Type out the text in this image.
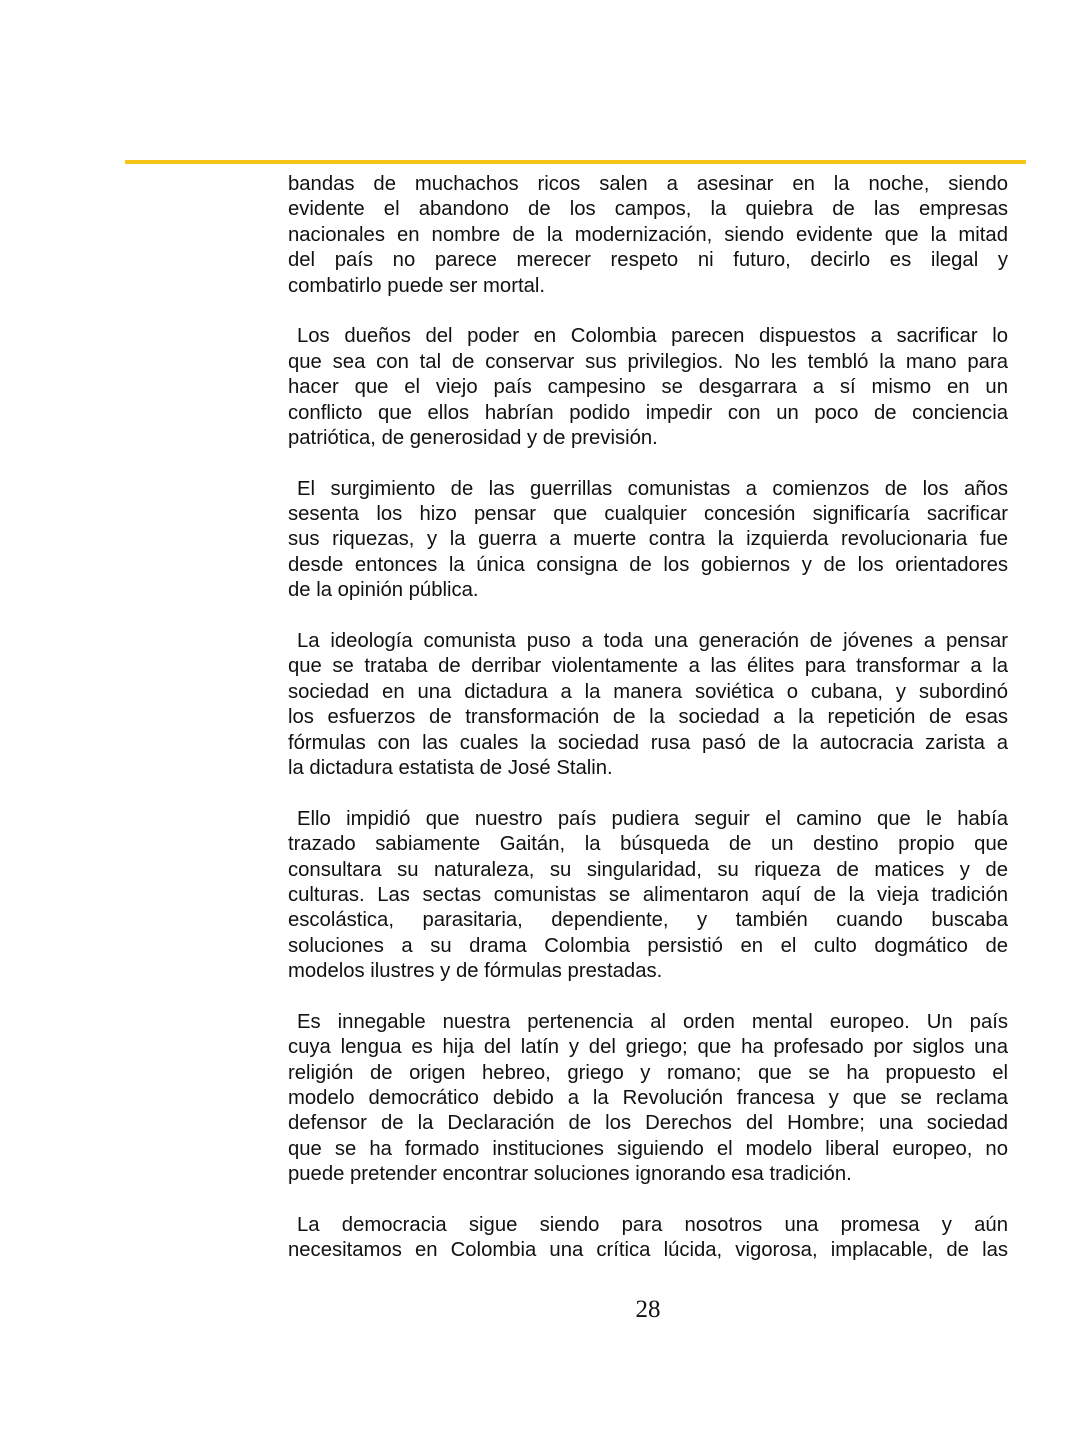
bandas de muchachos ricos salen a asesinar en la noche, siendo
evidente el abandono de los campos, la quiebra de las empresas
nacionales en nombre de la modernización, siendo evidente que la mitad
del país no parece merecer respeto ni futuro, decirlo es ilegal y
combatirlo puede ser mortal.
Los dueños del poder en Colombia parecen dispuestos a sacrificar lo
que sea con tal de conservar sus privilegios. No les tembló la mano para
hacer que el viejo país campesino se desgarrara a sí mismo en un
conflicto que ellos habrían podido impedir con un poco de conciencia
patriótica, de generosidad y de previsión.
El surgimiento de las guerrillas comunistas a comienzos de los años
sesenta los hizo pensar que cualquier concesión significaría sacrificar
sus riquezas, y la guerra a muerte contra la izquierda revolucionaria fue
desde entonces la única consigna de los gobiernos y de los orientadores
de la opinión pública.
La ideología comunista puso a toda una generación de jóvenes a pensar
que se trataba de derribar violentamente a las élites para transformar a la
sociedad en una dictadura a la manera soviética o cubana, y subordinó
los esfuerzos de transformación de la sociedad a la repetición de esas
fórmulas con las cuales la sociedad rusa pasó de la autocracia zarista a
la dictadura estatista de José Stalin.
Ello impidió que nuestro país pudiera seguir el camino que le había
trazado sabiamente Gaitán, la búsqueda de un destino propio que
consultara su naturaleza, su singularidad, su riqueza de matices y de
culturas. Las sectas comunistas se alimentaron aquí de la vieja tradición
escolástica, parasitaria, dependiente, y también cuando buscaba
soluciones a su drama Colombia persistió en el culto dogmático de
modelos ilustres y de fórmulas prestadas.
Es innegable nuestra pertenencia al orden mental europeo. Un país
cuya lengua es hija del latín y del griego; que ha profesado por siglos una
religión de origen hebreo, griego y romano; que se ha propuesto el
modelo democrático debido a la Revolución francesa y que se reclama
defensor de la Declaración de los Derechos del Hombre; una sociedad
que se ha formado instituciones siguiendo el modelo liberal europeo, no
puede pretender encontrar soluciones ignorando esa tradición.
La democracia sigue siendo para nosotros una promesa y aún
necesitamos en Colombia una crítica lúcida, vigorosa, implacable, de las
28
